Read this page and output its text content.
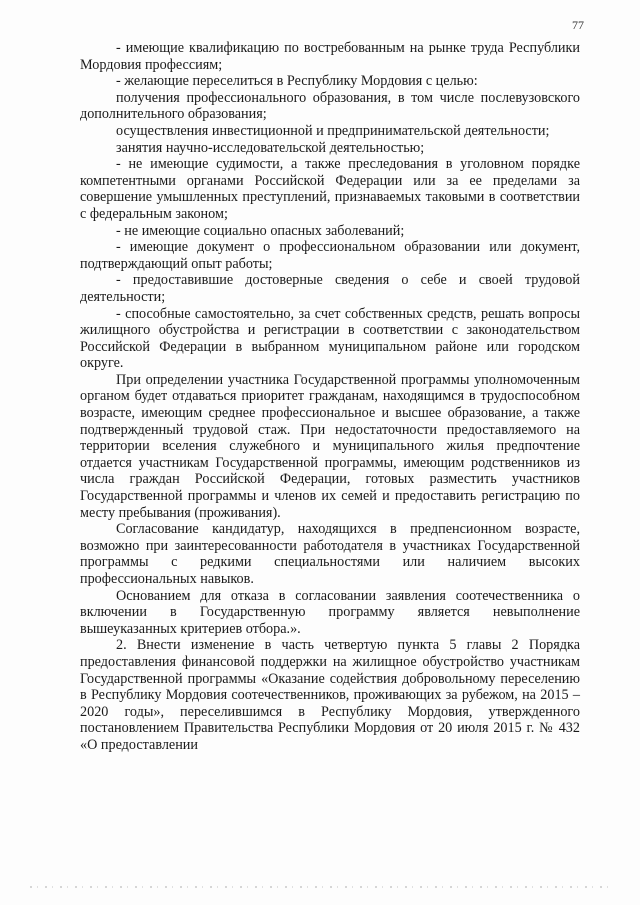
77

- имеющие квалификацию по востребованным на рынке труда Республики Мордовия профессиям;

- желающие переселиться в Республику Мордовия с целью:

получения профессионального образования, в том числе послевузовского дополнительного образования;

осуществления инвестиционной и предпринимательской деятельности;

занятия научно-исследовательской деятельностью;

- не имеющие судимости, а также преследования в уголовном порядке компетентными органами Российской Федерации или за ее пределами за совершение умышленных преступлений, признаваемых таковыми в соответствии с федеральным законом;

- не имеющие социально опасных заболеваний;

- имеющие документ о профессиональном образовании или документ, подтверждающий опыт работы;

- предоставившие достоверные сведения о себе и своей трудовой деятельности;

- способные самостоятельно, за счет собственных средств, решать вопросы жилищного обустройства и регистрации в соответствии с законодательством Российской Федерации в выбранном муниципальном районе или городском округе.

При определении участника Государственной программы уполномоченным органом будет отдаваться приоритет гражданам, находящимся в трудоспособном возрасте, имеющим среднее профессиональное и высшее образование, а также подтвержденный трудовой стаж. При недостаточности предоставляемого на территории вселения служебного и муниципального жилья предпочтение отдается участникам Государственной программы, имеющим родственников из числа граждан Российской Федерации, готовых разместить участников Государственной программы и членов их семей и предоставить регистрацию по месту пребывания (проживания).

Согласование кандидатур, находящихся в предпенсионном возрасте, возможно при заинтересованности работодателя в участниках Государственной программы с редкими специальностями или наличием высоких профессиональных навыков.

Основанием для отказа в согласовании заявления соотечественника о включении в Государственную программу является невыполнение вышеуказанных критериев отбора.».

2. Внести изменение в часть четвертую пункта 5 главы 2 Порядка предоставления финансовой поддержки на жилищное обустройство участникам Государственной программы «Оказание содействия добровольному переселению в Республику Мордовия соотечественников, проживающих за рубежом, на 2015 – 2020 годы», переселившимся в Республику Мордовия, утвержденного постановлением Правительства Республики Мордовия от 20 июля 2015 г. № 432 «О предоставлении
